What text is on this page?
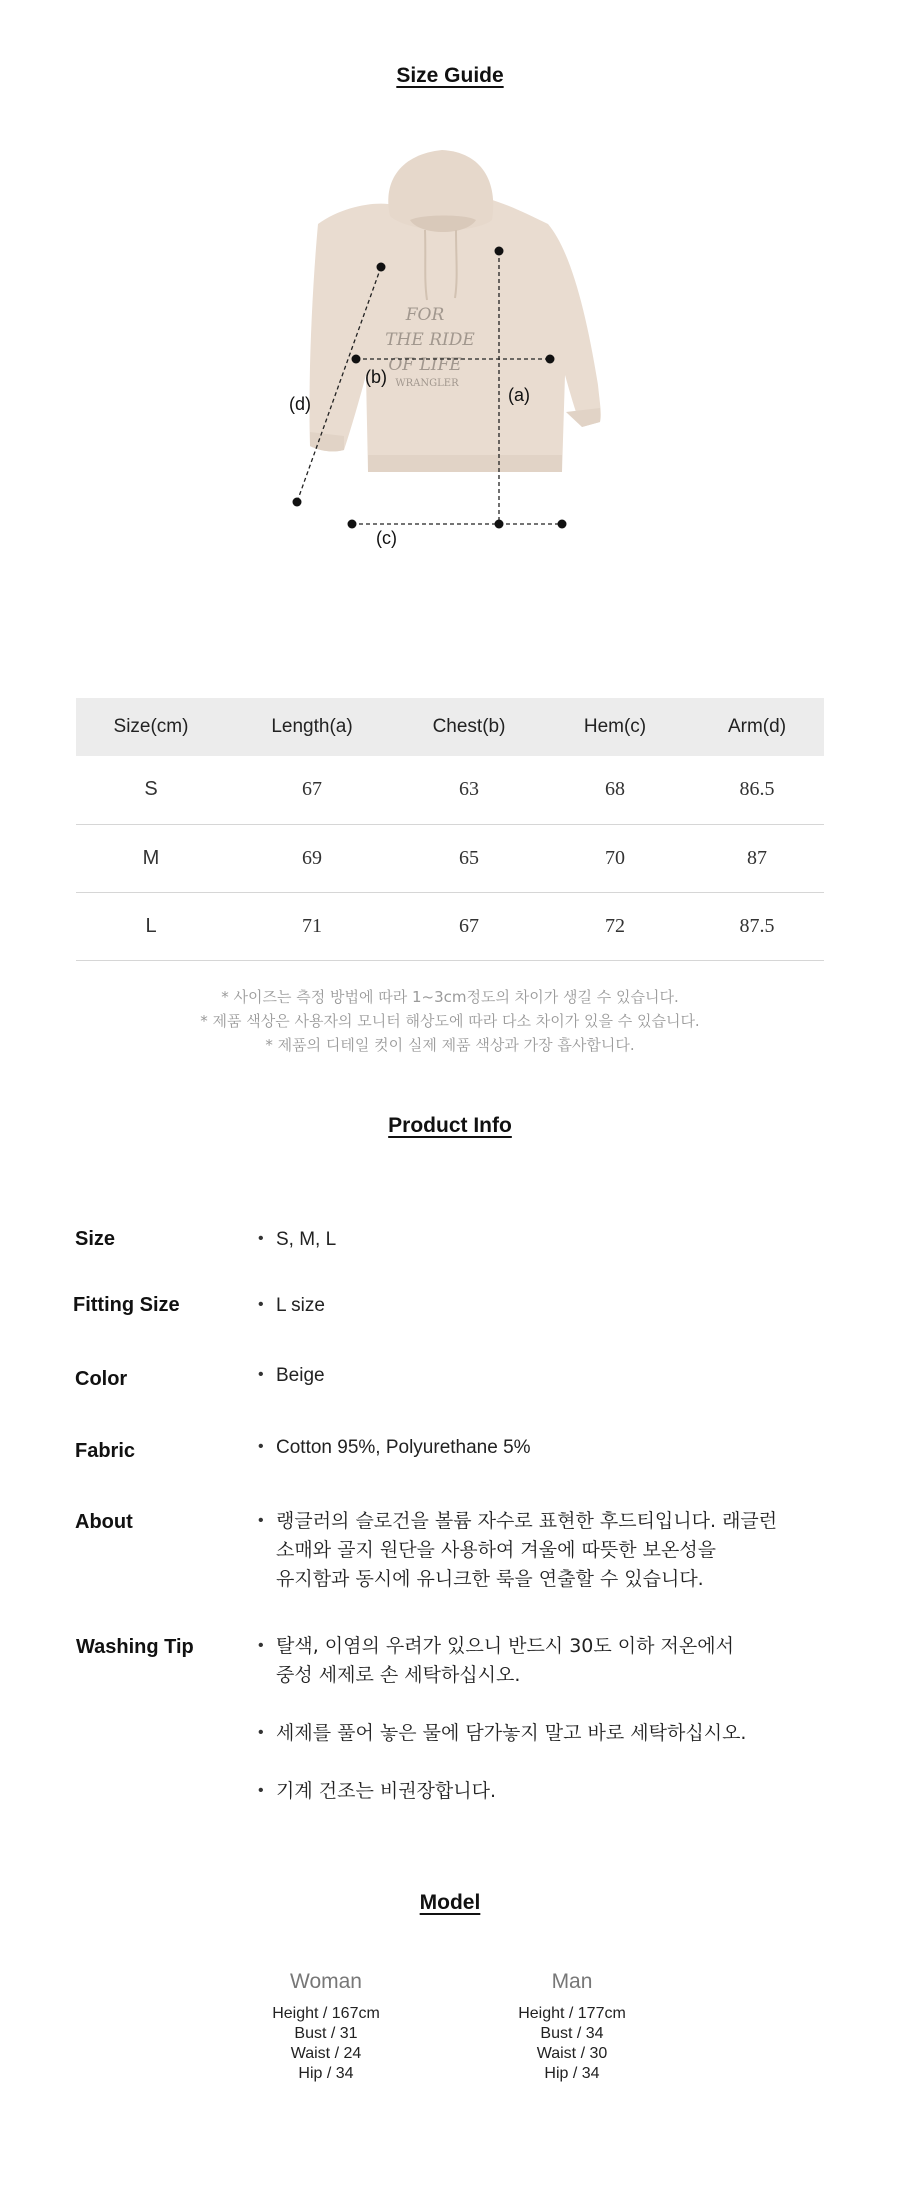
Size Guide
FOR
THE RIDE
OF LIFE
WRANGLER
(a)
(b)
(c)
(d)
Size(cm)	Length(a)	Chest(b)	Hem(c)	Arm(d)
S	67	63	68	86.5
M	69	65	70	87
L	71	67	72	87.5
* 사이즈는 측정 방법에 따라 1~3cm정도의 차이가 생길 수 있습니다.
* 제품 색상은 사용자의 모니터 해상도에 따라 다소 차이가 있을 수 있습니다.
* 제품의 디테일 컷이 실제 제품 색상과 가장 흡사합니다.
Product Info
Size	• S, M, L
Fitting Size	• L size
Color	• Beige
Fabric	• Cotton 95%, Polyurethane 5%
About	• 랭글러의 슬로건을 볼륨 자수로 표현한 후드티입니다. 래글런
소매와 골지 원단을 사용하여 겨울에 따뜻한 보온성을
유지함과 동시에 유니크한 룩을 연출할 수 있습니다.
Washing Tip	• 탈색, 이염의 우려가 있으니 반드시 30도 이하 저온에서
중성 세제로 손 세탁하십시오.
• 세제를 풀어 놓은 물에 담가놓지 말고 바로 세탁하십시오.
• 기계 건조는 비권장합니다.
Model
Woman
Height / 167cm
Bust / 31
Waist / 24
Hip / 34
Man
Height / 177cm
Bust / 34
Waist / 30
Hip / 34
